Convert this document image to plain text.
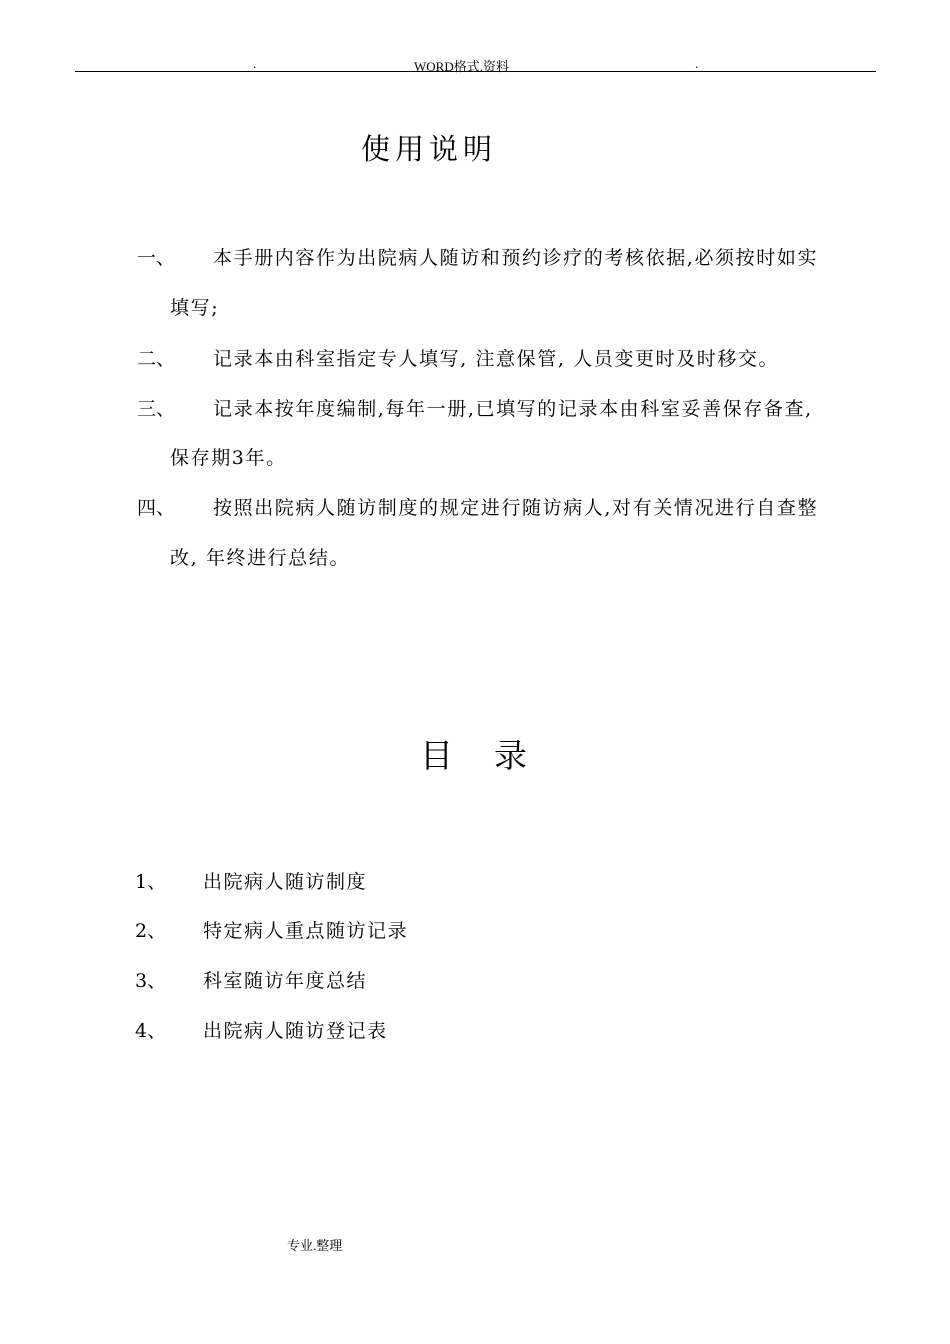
.	WORD格式.资料	.
使用说明
一、 本手册内容作为出院病人随访和预约诊疗的考核依据,必须按时如实
填写;
二、 记录本由科室指定专人填写, 注意保管, 人员变更时及时移交。
三、 记录本按年度编制,每年一册,已填写的记录本由科室妥善保存备查,
保存期3年。
四、 按照出院病人随访制度的规定进行随访病人,对有关情况进行自查整
改, 年终进行总结。
目　录
1、 出院病人随访制度
2、 特定病人重点随访记录
3、 科室随访年度总结
4、 出院病人随访登记表
专业.整理
